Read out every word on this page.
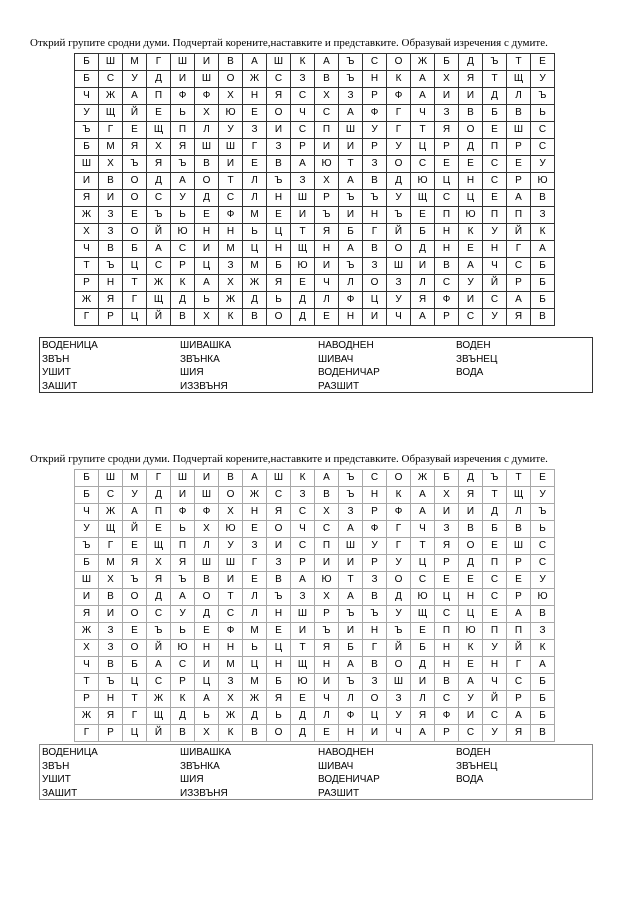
Открий групите сродни думи. Подчертай корените,наставките и представките. Образувай изречения с думите.
Б	Ш	М	Г	Ш	И	В	А	Ш	К	А	Ъ	С	О	Ж	Б	Д	Ъ	Т	Е
Б	С	У	Д	И	Ш	О	Ж	С	З	В	Ъ	Н	К	А	Х	Я	Т	Щ	У
Ч	Ж	А	П	Ф	Ф	Х	Н	Я	С	Х	З	Р	Ф	А	И	И	Д	Л	Ъ
У	Щ	Й	Е	Ь	Х	Ю	Е	О	Ч	С	А	Ф	Г	Ч	З	В	Б	В	Ь
Ъ	Г	Е	Щ	П	Л	У	З	И	С	П	Ш	У	Г	Т	Я	О	Е	Ш	С
Б	М	Я	Х	Я	Ш	Ш	Г	З	Р	И	И	Р	У	Ц	Р	Д	П	Р	С
Ш	Х	Ъ	Я	Ъ	В	И	Е	В	А	Ю	Т	З	О	С	Е	Е	С	Е	У
И	В	О	Д	А	О	Т	Л	Ъ	З	Х	А	В	Д	Ю	Ц	Н	С	Р	Ю
Я	И	О	С	У	Д	С	Л	Н	Ш	Р	Ъ	Ъ	У	Щ	С	Ц	Е	А	В
Ж	З	Е	Ъ	Ь	Е	Ф	М	Е	И	Ъ	И	Н	Ъ	Е	П	Ю	П	П	З
Х	З	О	Й	Ю	Н	Н	Ь	Ц	Т	Я	Б	Г	Й	Б	Н	К	У	Й	К
Ч	В	Б	А	С	И	М	Ц	Н	Щ	Н	А	В	О	Д	Н	Е	Н	Г	А
Т	Ъ	Ц	С	Р	Ц	З	М	Б	Ю	И	Ъ	З	Ш	И	В	А	Ч	С	Б
Р	Н	Т	Ж	К	А	Х	Ж	Я	Е	Ч	Л	О	З	Л	С	У	Й	Р	Б
Ж	Я	Г	Щ	Д	Ь	Ж	Д	Ь	Д	Л	Ф	Ц	У	Я	Ф	И	С	А	Б
Г	Р	Ц	Й	В	Х	К	В	О	Д	Е	Н	И	Ч	А	Р	С	У	Я	В
ВОДЕНИЦА	ШИВАШКА	НАВОДНЕН	ВОДЕН
ЗВЪН	ЗВЪНКА	ШИВАЧ	ЗВЪНЕЦ
УШИТ	ШИЯ	ВОДЕНИЧАР	ВОДА
ЗАШИТ	ИЗЗВЪНЯ	РАЗШИТ
Открий групите сродни думи. Подчертай корените,наставките и представките. Образувай изречения с думите.
Б	Ш	М	Г	Ш	И	В	А	Ш	К	А	Ъ	С	О	Ж	Б	Д	Ъ	Т	Е
Б	С	У	Д	И	Ш	О	Ж	С	З	В	Ъ	Н	К	А	Х	Я	Т	Щ	У
Ч	Ж	А	П	Ф	Ф	Х	Н	Я	С	Х	З	Р	Ф	А	И	И	Д	Л	Ъ
У	Щ	Й	Е	Ь	Х	Ю	Е	О	Ч	С	А	Ф	Г	Ч	З	В	Б	В	Ь
Ъ	Г	Е	Щ	П	Л	У	З	И	С	П	Ш	У	Г	Т	Я	О	Е	Ш	С
Б	М	Я	Х	Я	Ш	Ш	Г	З	Р	И	И	Р	У	Ц	Р	Д	П	Р	С
Ш	Х	Ъ	Я	Ъ	В	И	Е	В	А	Ю	Т	З	О	С	Е	Е	С	Е	У
И	В	О	Д	А	О	Т	Л	Ъ	З	Х	А	В	Д	Ю	Ц	Н	С	Р	Ю
Я	И	О	С	У	Д	С	Л	Н	Ш	Р	Ъ	Ъ	У	Щ	С	Ц	Е	А	В
Ж	З	Е	Ъ	Ь	Е	Ф	М	Е	И	Ъ	И	Н	Ъ	Е	П	Ю	П	П	З
Х	З	О	Й	Ю	Н	Н	Ь	Ц	Т	Я	Б	Г	Й	Б	Н	К	У	Й	К
Ч	В	Б	А	С	И	М	Ц	Н	Щ	Н	А	В	О	Д	Н	Е	Н	Г	А
Т	Ъ	Ц	С	Р	Ц	З	М	Б	Ю	И	Ъ	З	Ш	И	В	А	Ч	С	Б
Р	Н	Т	Ж	К	А	Х	Ж	Я	Е	Ч	Л	О	З	Л	С	У	Й	Р	Б
Ж	Я	Г	Щ	Д	Ь	Ж	Д	Ь	Д	Л	Ф	Ц	У	Я	Ф	И	С	А	Б
Г	Р	Ц	Й	В	Х	К	В	О	Д	Е	Н	И	Ч	А	Р	С	У	Я	В
ВОДЕНИЦА	ШИВАШКА	НАВОДНЕН	ВОДЕН
ЗВЪН	ЗВЪНКА	ШИВАЧ	ЗВЪНЕЦ
УШИТ	ШИЯ	ВОДЕНИЧАР	ВОДА
ЗАШИТ	ИЗЗВЪНЯ	РАЗШИТ
